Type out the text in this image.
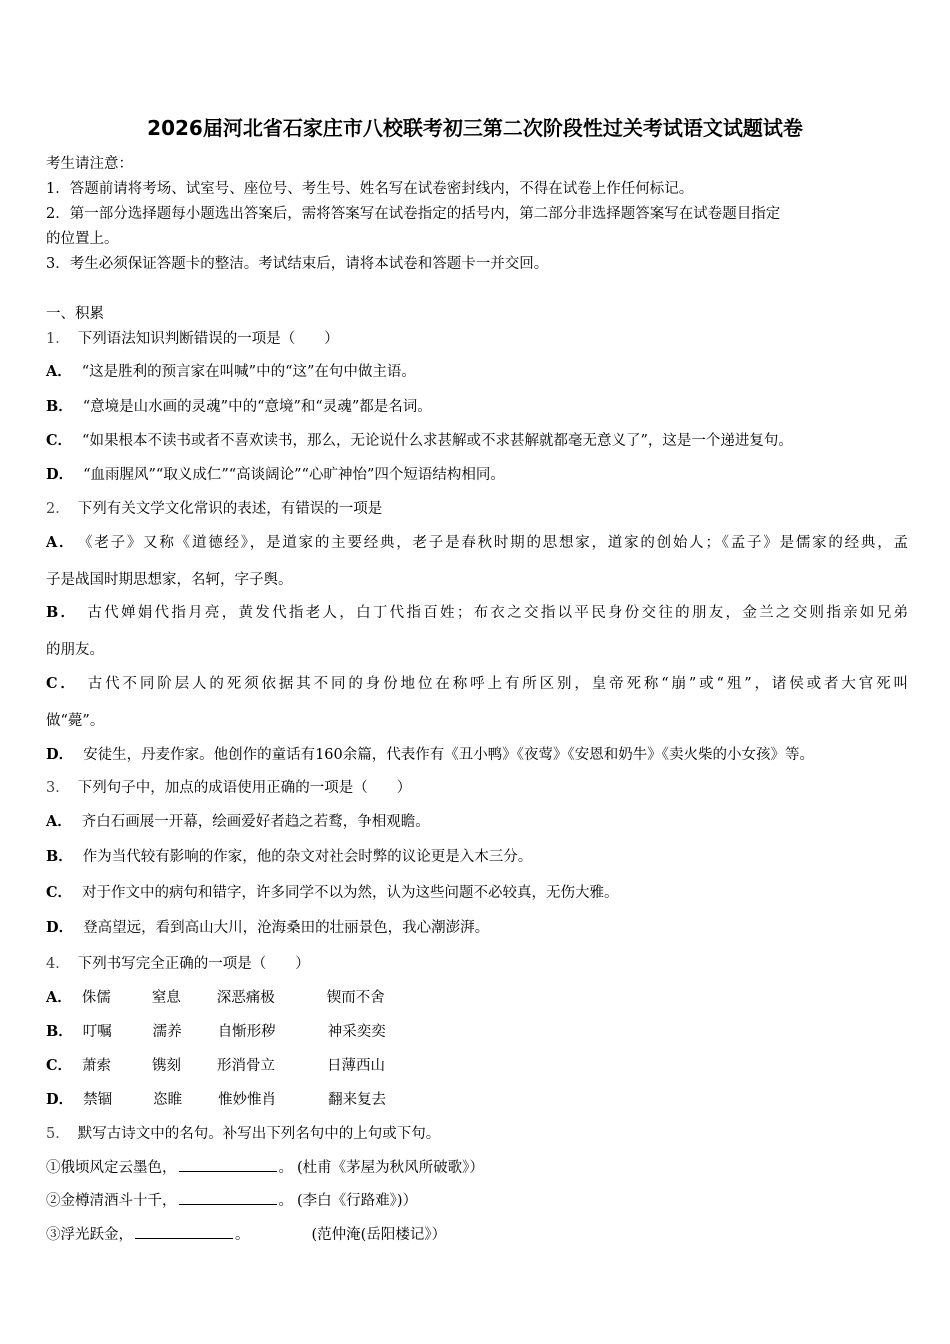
2026届河北省石家庄市八校联考初三第二次阶段性过关考试语文试题试卷
考生请注意：
1．答题前请将考场、试室号、座位号、考生号、姓名写在试卷密封线内，不得在试卷上作任何标记。
2．第一部分选择题每小题选出答案后，需将答案写在试卷指定的括号内，第二部分非选择题答案写在试卷题目指定
的位置上。
3．考生必须保证答题卡的整洁。考试结束后，请将本试卷和答题卡一并交回。
一、积累
1． 下列语法知识判断错误的一项是（　　）
A． “这是胜利的预言家在叫喊”中的“这”在句中做主语。
B． “意境是山水画的灵魂”中的“意境”和“灵魂”都是名词。
C． “如果根本不读书或者不喜欢读书，那么，无论说什么求甚解或不求甚解就都毫无意义了”，这是一个递进复句。
D． “血雨腥风”“取义成仁”“高谈阔论”“心旷神怡”四个短语结构相同。
2． 下列有关文学文化常识的表述，有错误的一项是
A． 《老子》又称《道德经》，是道家的主要经典，老子是春秋时期的思想家，道家的创始人；《孟子》是儒家的经典，孟
子是战国时期思想家，名轲，字子舆。
B． 古代婵娟代指月亮，黄发代指老人，白丁代指百姓；布衣之交指以平民身份交往的朋友，金兰之交则指亲如兄弟
的朋友。
C． 古代不同阶层人的死须依据其不同的身份地位在称呼上有所区别，皇帝死称“崩”或“殂”，诸侯或者大官死叫
做“薨”。
D． 安徒生，丹麦作家。他创作的童话有160余篇，代表作有《丑小鸭》《夜莺》《安恩和奶牛》《卖火柴的小女孩》等。
3． 下列句子中，加点的成语使用正确的一项是（　　）
A． 齐白石画展一开幕，绘画爱好者趋之若鹜，争相观瞻。
B． 作为当代较有影响的作家，他的杂文对社会时弊的议论更是入木三分。
C． 对于作文中的病句和错字，许多同学不以为然，认为这些问题不必较真，无伤大雅。
D． 登高望远，看到高山大川，沧海桑田的壮丽景色，我心潮澎湃。
4． 下列书写完全正确的一项是（　　）
A． 侏儒	窒息 深恶痛极	锲而不舍
B． 叮嘱	濡养 自惭形秽	神采奕奕
C． 萧索	镌刻 形消骨立	日薄西山
D． 禁锢	恣睢 惟妙惟肖	翻来复去
5． 默写古诗文中的名句。补写出下列名句中的上句或下句。
①俄顷风定云墨色，	。 (杜甫《茅屋为秋风所破歌》）
②金樽清酒斗十千，	。 (李白《行路难》)）
③浮光跃金，	。	(范仲淹(岳阳楼记》）
